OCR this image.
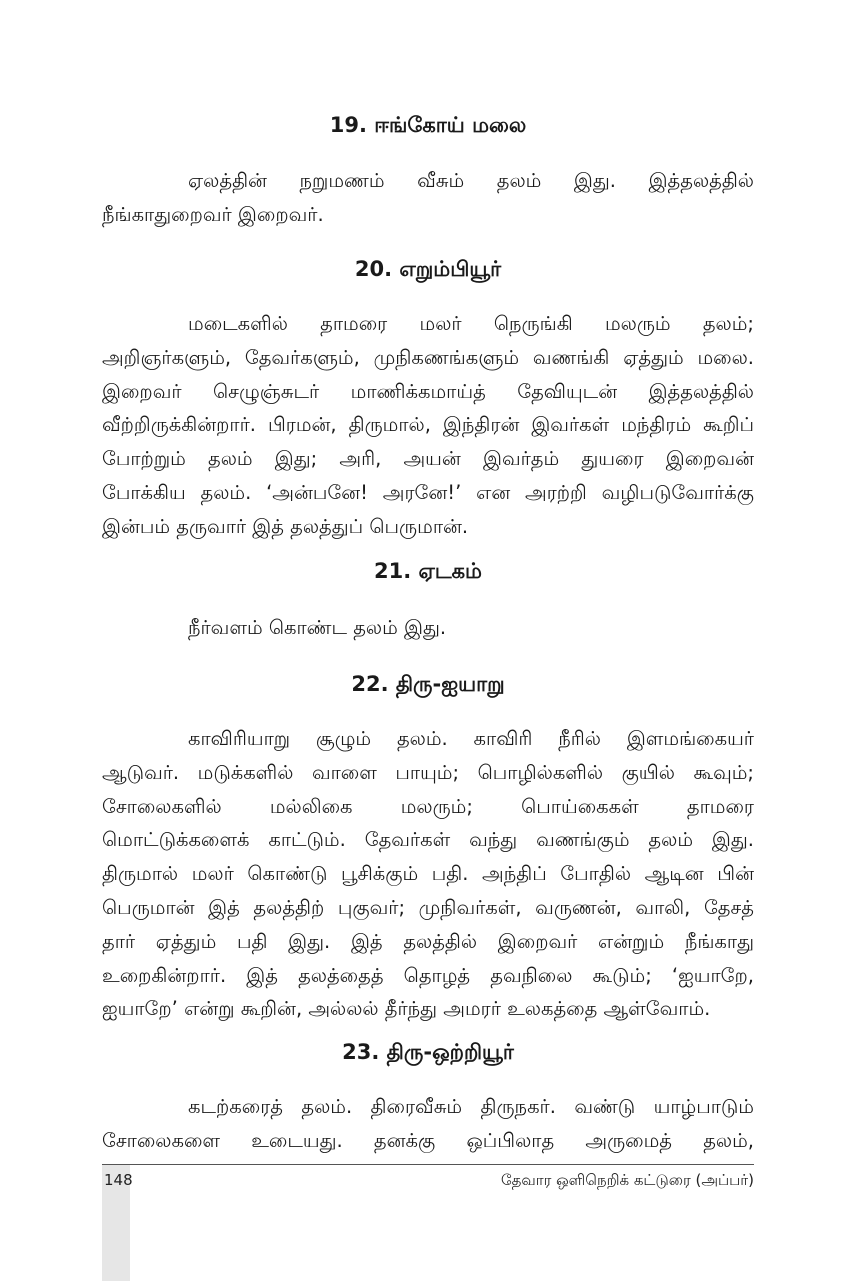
19. ஈங்கோய் மலை
ஏலத்தின் நறுமணம் வீசும் தலம் இது. இத்தலத்தில்
நீங்காதுறைவர் இறைவர்.
20. எறும்பியூர்
மடைகளில் தாமரை மலர் நெருங்கி மலரும் தலம்;
அறிஞர்களும், தேவர்களும், முநிகணங்களும் வணங்கி ஏத்தும் மலை.
இறைவர் செழுஞ்சுடர் மாணிக்கமாய்த் தேவியுடன் இத்தலத்தில்
வீற்றிருக்கின்றார். பிரமன், திருமால், இந்திரன் இவர்கள் மந்திரம் கூறிப்
போற்றும் தலம் இது; அரி, அயன் இவர்தம் துயரை இறைவன்
போக்கிய தலம். ‘அன்பனே! அரனே!’ என அரற்றி வழிபடுவோர்க்கு
இன்பம் தருவார் இத் தலத்துப் பெருமான்.
21. ஏடகம்
நீர்வளம் கொண்ட தலம் இது.
22. திரு-ஐயாறு
காவிரியாறு சூழும் தலம். காவிரி நீரில் இளமங்கையர்
ஆடுவர். மடுக்களில் வாளை பாயும்; பொழில்களில் குயில் கூவும்;
சோலைகளில் மல்லிகை மலரும்; பொய்கைகள் தாமரை
மொட்டுக்களைக் காட்டும். தேவர்கள் வந்து வணங்கும் தலம் இது.
திருமால் மலர் கொண்டு பூசிக்கும் பதி. அந்திப் போதில் ஆடின பின்
பெருமான் இத் தலத்திற் புகுவர்; முநிவர்கள், வருணன், வாலி, தேசத்
தார் ஏத்தும் பதி இது. இத் தலத்தில் இறைவர் என்றும் நீங்காது
உறைகின்றார். இத் தலத்தைத் தொழத் தவநிலை கூடும்; ‘ஐயாறே,
ஐயாறே’ என்று கூறின், அல்லல் தீர்ந்து அமரர் உலகத்தை ஆள்வோம்.
23. திரு-ஒற்றியூர்
கடற்கரைத் தலம். திரைவீசும் திருநகர். வண்டு யாழ்பாடும்
சோலைகளை உடையது. தனக்கு ஒப்பிலாத அருமைத் தலம்,
148	தேவார ஒளிநெறிக் கட்டுரை (அப்பர்)
